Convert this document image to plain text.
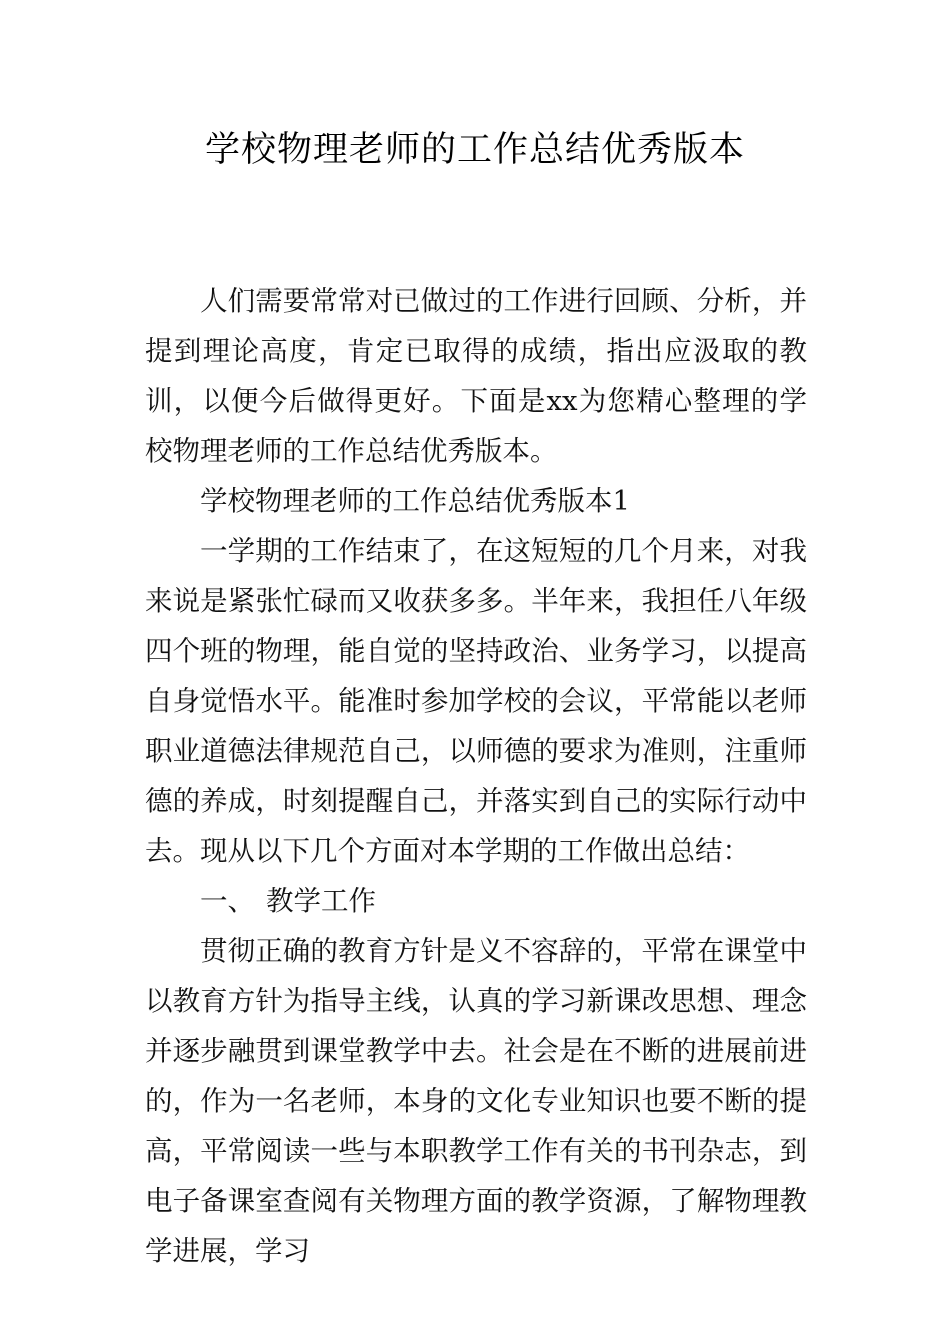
学校物理老师的工作总结优秀版本

人们需要常常对已做过的工作进行回顾、分析，并提到理论高度，肯定已取得的成绩，指出应汲取的教训，以便今后做得更好。下面是xx为您精心整理的学校物理老师的工作总结优秀版本。

学校物理老师的工作总结优秀版本1

一学期的工作结束了，在这短短的几个月来，对我来说是紧张忙碌而又收获多多。半年来，我担任八年级四个班的物理，能自觉的坚持政治、业务学习，以提高自身觉悟水平。能准时参加学校的会议，平常能以老师职业道德法律规范自己，以师德的要求为准则，注重师德的养成，时刻提醒自己，并落实到自己的实际行动中去。现从以下几个方面对本学期的工作做出总结：

一、 教学工作

贯彻正确的教育方针是义不容辞的，平常在课堂中以教育方针为指导主线，认真的学习新课改思想、理念并逐步融贯到课堂教学中去。社会是在不断的进展前进的，作为一名老师，本身的文化专业知识也要不断的提高，平常阅读一些与本职教学工作有关的书刊杂志，到电子备课室查阅有关物理方面的教学资源，了解物理教学进展，学习
